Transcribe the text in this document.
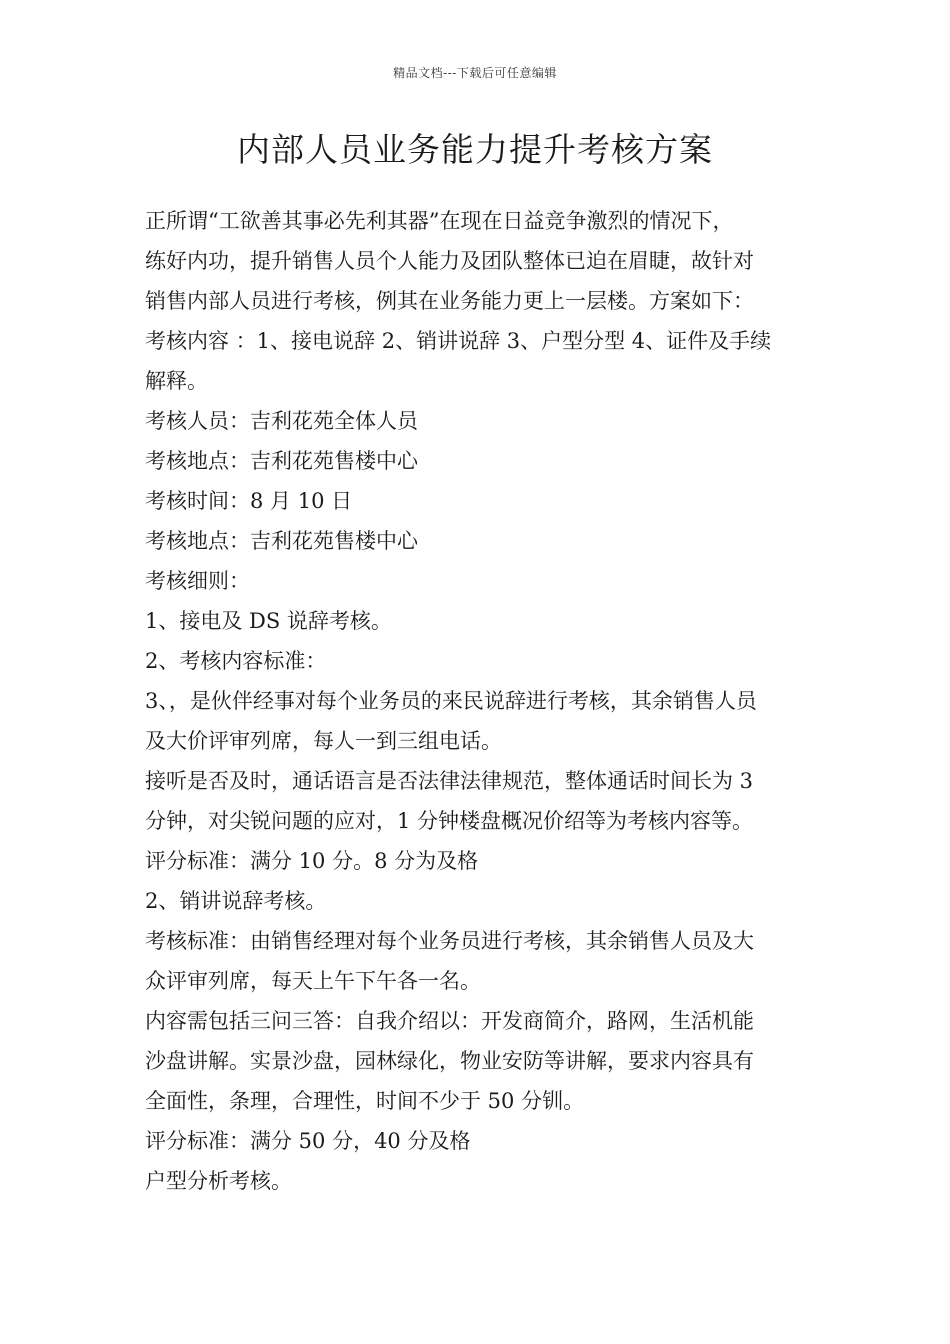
精品文档---下载后可任意编辑
内部人员业务能力提升考核方案

正所谓“工欲善其事必先利其器”在现在日益竞争激烈的情况下，

练好内功，提升销售人员个人能力及团队整体已迫在眉睫，故针对

销售内部人员进行考核，例其在业务能力更上一层楼。方案如下：

考核内容 ：1、接电说辞 2、销讲说辞 3、户型分型 4、证件及手续

解释。

考核人员：吉利花苑全体人员

考核地点：吉利花苑售楼中心

考核时间：8 月 10 日

考核地点：吉利花苑售楼中心

考核细则：

1、接电及 DS 说辞考核。

2、考核内容标准：

3、，是伙伴经事对每个业务员的来民说辞进行考核，其余销售人员

及大价评审列席，每人一到三组电话。

接听是否及时，通话语言是否法律法律规范，整体通话时间长为 3

分钟，对尖锐问题的应对，1 分钟楼盘概况价绍等为考核内容等。

评分标准：满分 10 分。8 分为及格

2、销讲说辞考核。

考核标准：由销售经理对每个业务员进行考核，其余销售人员及大

众评审列席，每天上午下午各一名。

内容需包括三问三答：自我介绍以：开发商简介，路网，生活机能

沙盘讲解。实景沙盘，园林绿化，物业安防等讲解，要求内容具有

全面性，条理，合理性，时间不少于 50 分钏。

评分标准：满分 50 分，40 分及格

户型分析考核。
